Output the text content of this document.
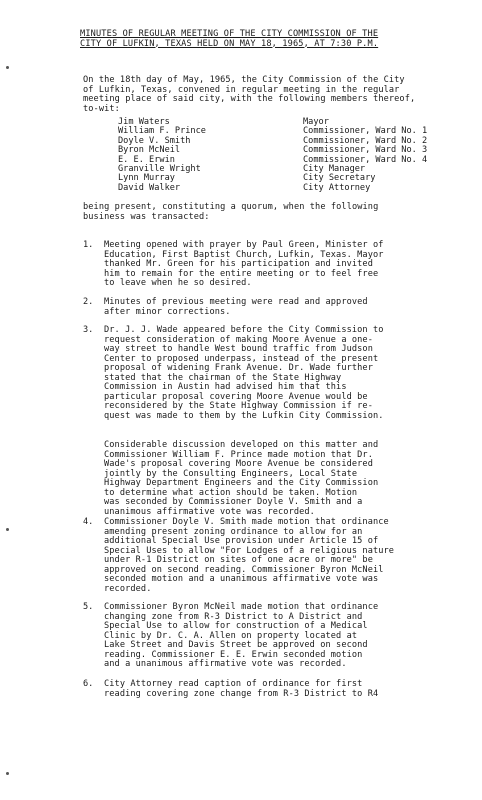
MINUTES OF REGULAR MEETING OF THE CITY COMMISSION OF THE
CITY OF LUFKIN, TEXAS HELD ON MAY 18, 1965, AT 7:30 P.M.
On the 18th day of May, 1965, the City Commission of the City
of Lufkin, Texas, convened in regular meeting in the regular
meeting place of said city, with the following members thereof,
to-wit:
Jim Waters	Mayor
William F. Prince	Commissioner, Ward No. 1
Doyle V. Smith	Commissioner, Ward No. 2
Byron McNeil	Commissioner, Ward No. 3
E. E. Erwin	Commissioner, Ward No. 4
Granville Wright	City Manager
Lynn Murray	City Secretary
David Walker	City Attorney
being present, constituting a quorum, when the following
business was transacted:
1.	Meeting opened with prayer by Paul Green, Minister of
Education, First Baptist Church, Lufkin, Texas. Mayor
thanked Mr. Green for his participation and invited
him to remain for the entire meeting or to feel free
to leave when he so desired.
2.	Minutes of previous meeting were read and approved
after minor corrections.
3.	Dr. J. J. Wade appeared before the City Commission to
request consideration of making Moore Avenue a one-
way street to handle West bound traffic from Judson
Center to proposed underpass, instead of the present
proposal of widening Frank Avenue. Dr. Wade further
stated that the chairman of the State Highway
Commission in Austin had advised him that this
particular proposal covering Moore Avenue would be
reconsidered by the State Highway Commission if re-
quest was made to them by the Lufkin City Commission.
Considerable discussion developed on this matter and
Commissioner William F. Prince made motion that Dr.
Wade's proposal covering Moore Avenue be considered
jointly by the Consulting Engineers, Local State
Highway Department Engineers and the City Commission
to determine what action should be taken. Motion
was seconded by Commissioner Doyle V. Smith and a
unanimous affirmative vote was recorded.
4.	Commissioner Doyle V. Smith made motion that ordinance
amending present zoning ordinance to allow for an
additional Special Use provision under Article 15 of
Special Uses to allow "For Lodges of a religious nature
under R-1 District on sites of one acre or more" be
approved on second reading. Commissioner Byron McNeil
seconded motion and a unanimous affirmative vote was
recorded.
5.	Commissioner Byron McNeil made motion that ordinance
changing zone from R-3 District to A District and
Special Use to allow for construction of a Medical
Clinic by Dr. C. A. Allen on property located at
Lake Street and Davis Street be approved on second
reading. Commissioner E. E. Erwin seconded motion
and a unanimous affirmative vote was recorded.
6.	City Attorney read caption of ordinance for first
reading covering zone change from R-3 District to R4
